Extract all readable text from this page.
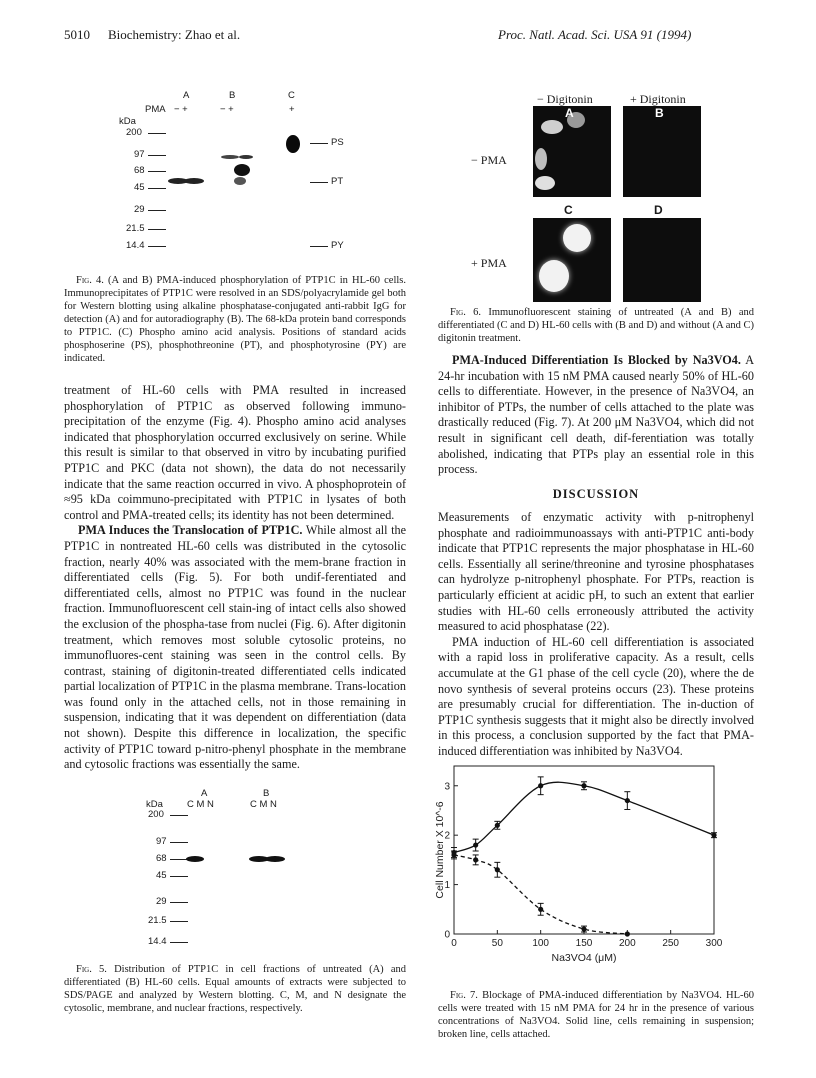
5010 Biochemistry: Zhao et al.	Proc. Natl. Acad. Sci. USA 91 (1994)
A	B	C
PMA − +	− +	+
kDa
200
97
68
45
29
21.5
14.4
PS
PT
PY
Fig. 4. (A and B) PMA-induced phosphorylation of PTP1C in HL-60 cells. Immunoprecipitates of PTP1C were resolved in an SDS/polyacrylamide gel both for Western blotting using alkaline phosphatase-conjugated anti-rabbit IgG for detection (A) and for autoradiography (B). The 68-kDa protein band corresponds to PTP1C. (C) Phospho amino acid analysis. Positions of standard acids phosphoserine (PS), phosphothreonine (PT), and phosphotyrosine (PY) are indicated.

treatment of HL-60 cells with PMA resulted in increased phosphorylation of PTP1C as observed following immuno-precipitation of the enzyme (Fig. 4). Phospho amino acid analyses indicated that phosphorylation occurred exclusively on serine. While this result is similar to that observed in vitro by incubating purified PTP1C and PKC (data not shown), the data do not necessarily indicate that the same reaction occurred in vivo. A phosphoprotein of ≈95 kDa coimmuno-precipitated with PTP1C in lysates of both control and PMA-treated cells; its identity has not been determined.

PMA Induces the Translocation of PTP1C. While almost all the PTP1C in nontreated HL-60 cells was distributed in the cytosolic fraction, nearly 40% was associated with the mem-brane fraction in differentiated cells (Fig. 5). For both undif-ferentiated and differentiated cells, almost no PTP1C was found in the nuclear fraction. Immunofluorescent cell stain-ing of intact cells also showed the exclusion of the phospha-tase from nuclei (Fig. 6). After digitonin treatment, which removes most soluble cytosolic proteins, no immunofluores-cent staining was seen in the control cells. By contrast, staining of digitonin-treated differentiated cells indicated partial localization of PTP1C in the plasma membrane. Trans-location was found only in the attached cells, not in those remaining in suspension, indicating that it was dependent on differentiation (data not shown). Despite this difference in localization, the specific activity of PTP1C toward p-nitro-phenyl phosphate in the membrane and cytosolic fractions was essentially the same.

A	B
kDa	C M N	C M N
200
97
68
45
29
21.5
14.4
Fig. 5. Distribution of PTP1C in cell fractions of untreated (A) and differentiated (B) HL-60 cells. Equal amounts of extracts were subjected to SDS/PAGE and analyzed by Western blotting. C, M, and N designate the cytosolic, membrane, and nuclear fractions, respectively.
− Digitonin	+ Digitonin
− PMA
+ PMA
A	B
C	D
Fig. 6. Immunofluorescent staining of untreated (A and B) and differentiated (C and D) HL-60 cells with (B and D) and without (A and C) digitonin treatment.

PMA-Induced Differentiation Is Blocked by Na3VO4. A 24-hr incubation with 15 nM PMA caused nearly 50% of HL-60 cells to differentiate. However, in the presence of Na3VO4, an inhibitor of PTPs, the number of cells attached to the plate was drastically reduced (Fig. 7). At 200 μM Na3VO4, which did not result in significant cell death, dif-ferentiation was totally abolished, indicating that PTPs play an essential role in this process.

DISCUSSION

Measurements of enzymatic activity with p-nitrophenyl phosphate and radioimmunoassays with anti-PTP1C anti-body indicate that PTP1C represents the major phosphatase in HL-60 cells. Essentially all serine/threonine and tyrosine phosphatases can hydrolyze p-nitrophenyl phosphate. For PTPs, reaction is particularly efficient at acidic pH, to such an extent that earlier studies with HL-60 cells erroneously attributed the activity measured to acid phosphatase (22).

PMA induction of HL-60 cell differentiation is associated with a rapid loss in proliferative capacity. As a result, cells accumulate at the G1 phase of the cell cycle (20), where the de novo synthesis of several proteins occurs (23). These proteins are presumably crucial for differentiation. The in-duction of PTP1C synthesis suggests that it might also be directly involved in this process, a conclusion supported by the fact that PMA-induced differentiation was inhibited by Na3VO4.

0	50	100	150	200	250	300
0
1
2
3
Na3VO4 (μM)
Cell Number X 10^-6
Fig. 7. Blockage of PMA-induced differentiation by Na3VO4. HL-60 cells were treated with 15 nM PMA for 24 hr in the presence of various concentrations of Na3VO4. Solid line, cells remaining in suspension; broken line, cells attached.
